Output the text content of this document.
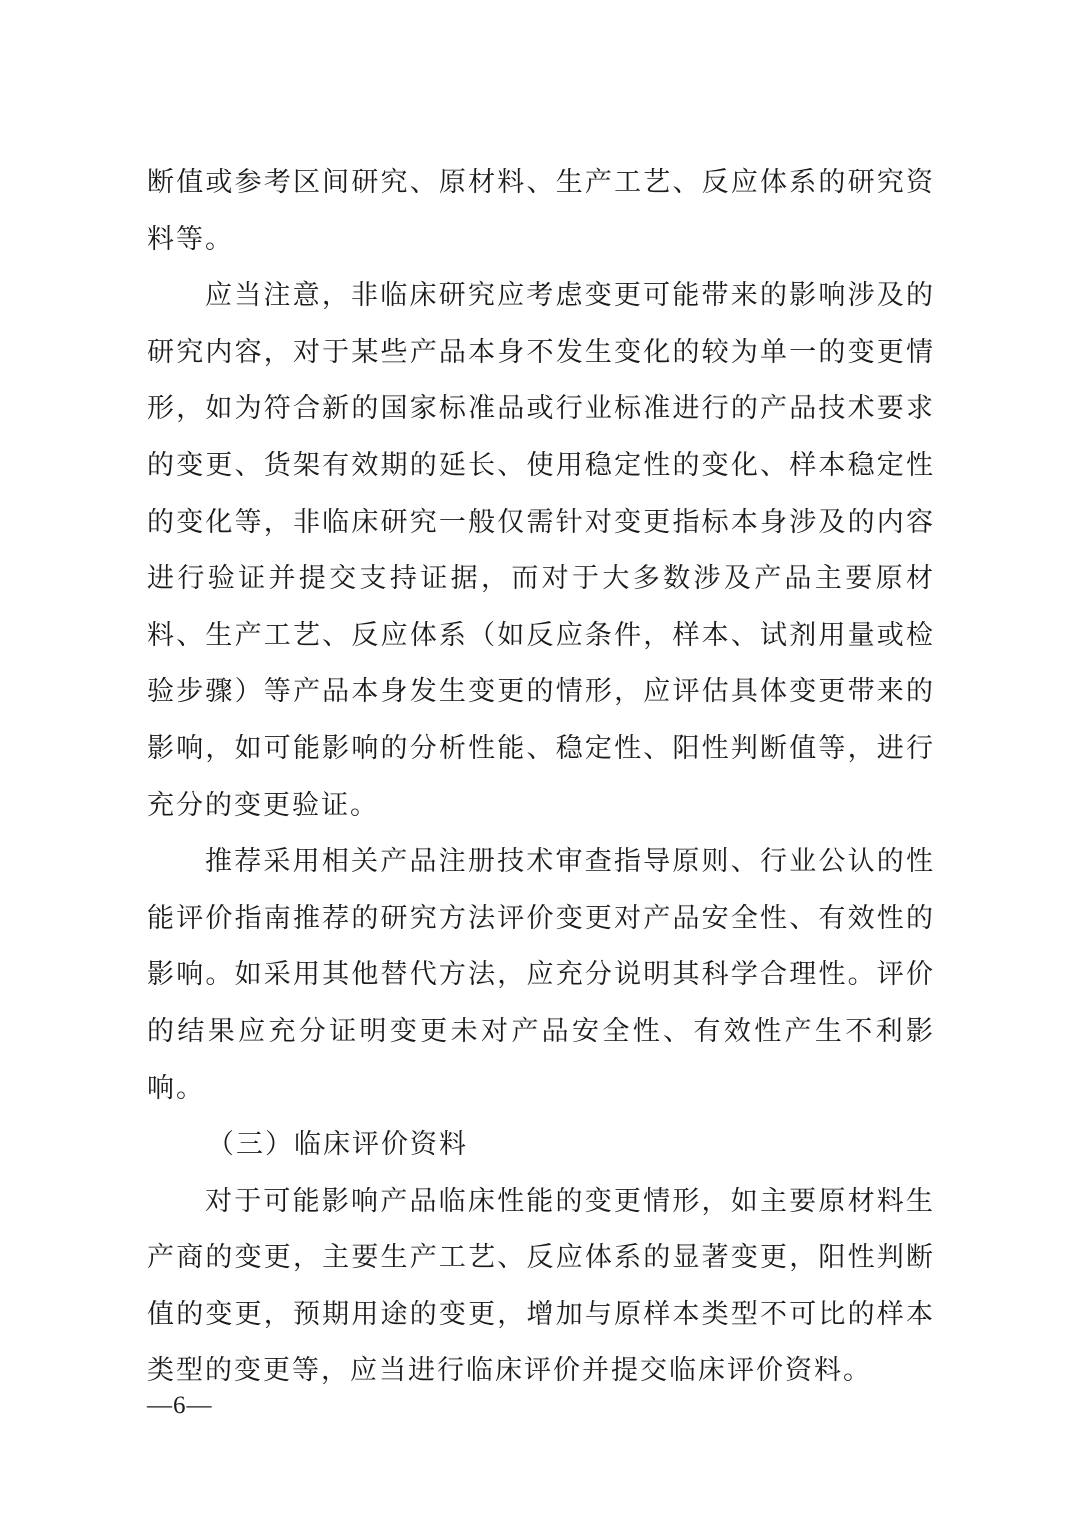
断值或参考区间研究、原材料、生产工艺、反应体系的研究资料等。

应当注意，非临床研究应考虑变更可能带来的影响涉及的研究内容，对于某些产品本身不发生变化的较为单一的变更情形，如为符合新的国家标准品或行业标准进行的产品技术要求的变更、货架有效期的延长、使用稳定性的变化、样本稳定性的变化等，非临床研究一般仅需针对变更指标本身涉及的内容进行验证并提交支持证据，而对于大多数涉及产品主要原材料、生产工艺、反应体系（如反应条件，样本、试剂用量或检验步骤）等产品本身发生变更的情形，应评估具体变更带来的影响，如可能影响的分析性能、稳定性、阳性判断值等，进行充分的变更验证。

推荐采用相关产品注册技术审查指导原则、行业公认的性能评价指南推荐的研究方法评价变更对产品安全性、有效性的影响。如采用其他替代方法，应充分说明其科学合理性。评价的结果应充分证明变更未对产品安全性、有效性产生不利影响。

（三）临床评价资料

对于可能影响产品临床性能的变更情形，如主要原材料生产商的变更，主要生产工艺、反应体系的显著变更，阳性判断值的变更，预期用途的变更，增加与原样本类型不可比的样本类型的变更等，应当进行临床评价并提交临床评价资料。

—6—
